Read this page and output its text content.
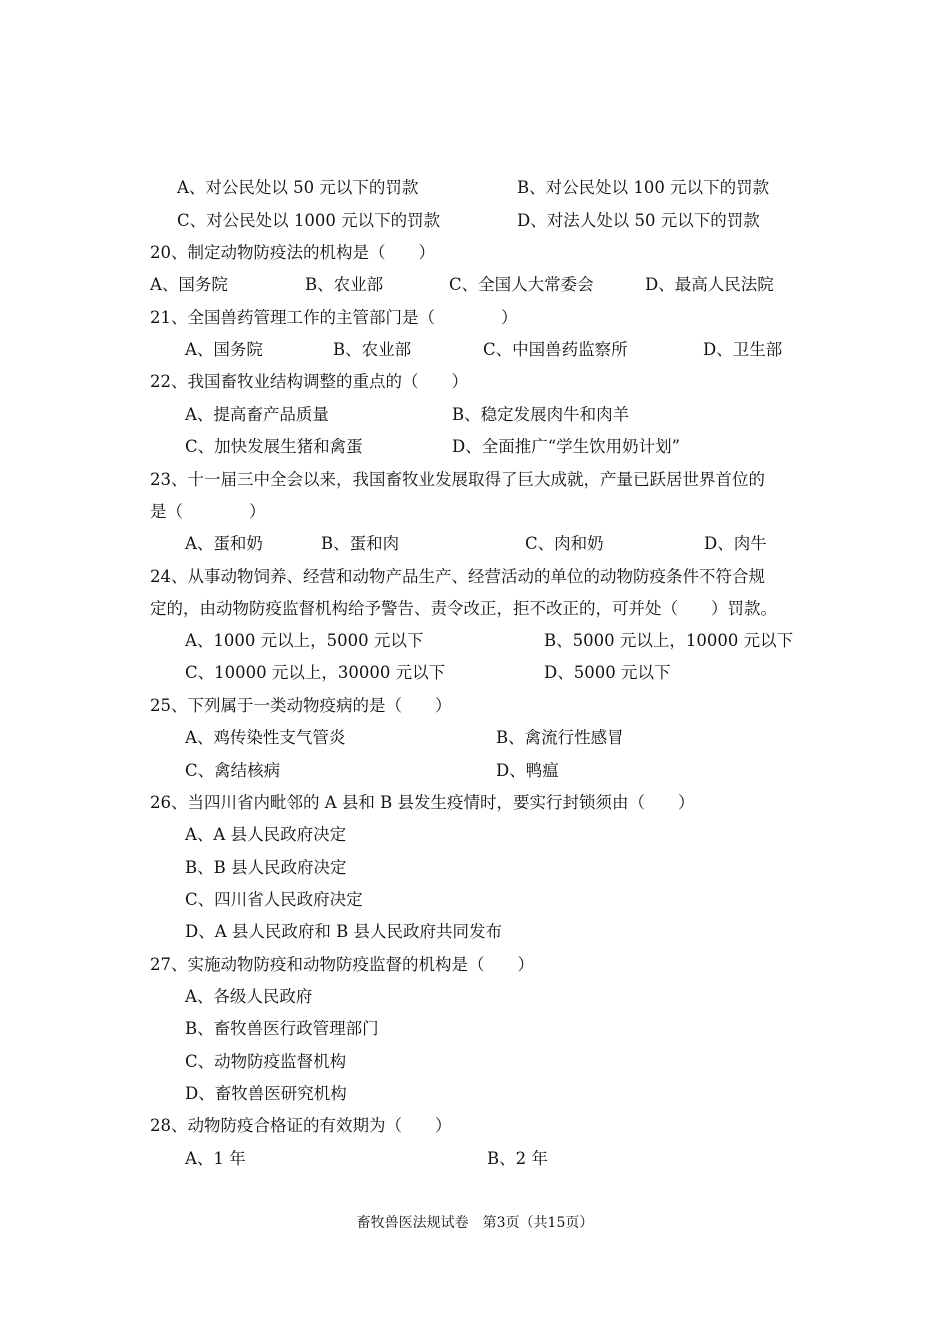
A、对公民处以 50 元以下的罚款	B、对公民处以 100 元以下的罚款
C、对公民处以 1000 元以下的罚款	D、对法人处以 50 元以下的罚款
20、制定动物防疫法的机构是（　　）
A、国务院	B、农业部	C、全国人大常委会	D、最高人民法院
21、全国兽药管理工作的主管部门是（　　　　）
A、国务院	B、农业部	C、中国兽药监察所	D、卫生部
22、我国畜牧业结构调整的重点的（　　）
A、提高畜产品质量	B、稳定发展肉牛和肉羊
C、加快发展生猪和禽蛋	D、全面推广“学生饮用奶计划”
23、十一届三中全会以来，我国畜牧业发展取得了巨大成就，产量已跃居世界首位的
是（　　　　）
A、蛋和奶	B、蛋和肉	C、肉和奶	D、肉牛
24、从事动物饲养、经营和动物产品生产、经营活动的单位的动物防疫条件不符合规
定的，由动物防疫监督机构给予警告、责令改正，拒不改正的，可并处（　　）罚款。
A、1000 元以上，5000 元以下	B、5000 元以上，10000 元以下
C、10000 元以上，30000 元以下	D、5000 元以下
25、下列属于一类动物疫病的是（　　）
A、鸡传染性支气管炎	B、禽流行性感冒
C、禽结核病	D、鸭瘟
26、当四川省内毗邻的 A 县和 B 县发生疫情时，要实行封锁须由（　　）
A、A 县人民政府决定
B、B 县人民政府决定
C、四川省人民政府决定
D、A 县人民政府和 B 县人民政府共同发布
27、实施动物防疫和动物防疫监督的机构是（　　）
A、各级人民政府
B、畜牧兽医行政管理部门
C、动物防疫监督机构
D、畜牧兽医研究机构
28、动物防疫合格证的有效期为（　　）
A、1 年	B、2 年
畜牧兽医法规试卷　第3页（共15页）
